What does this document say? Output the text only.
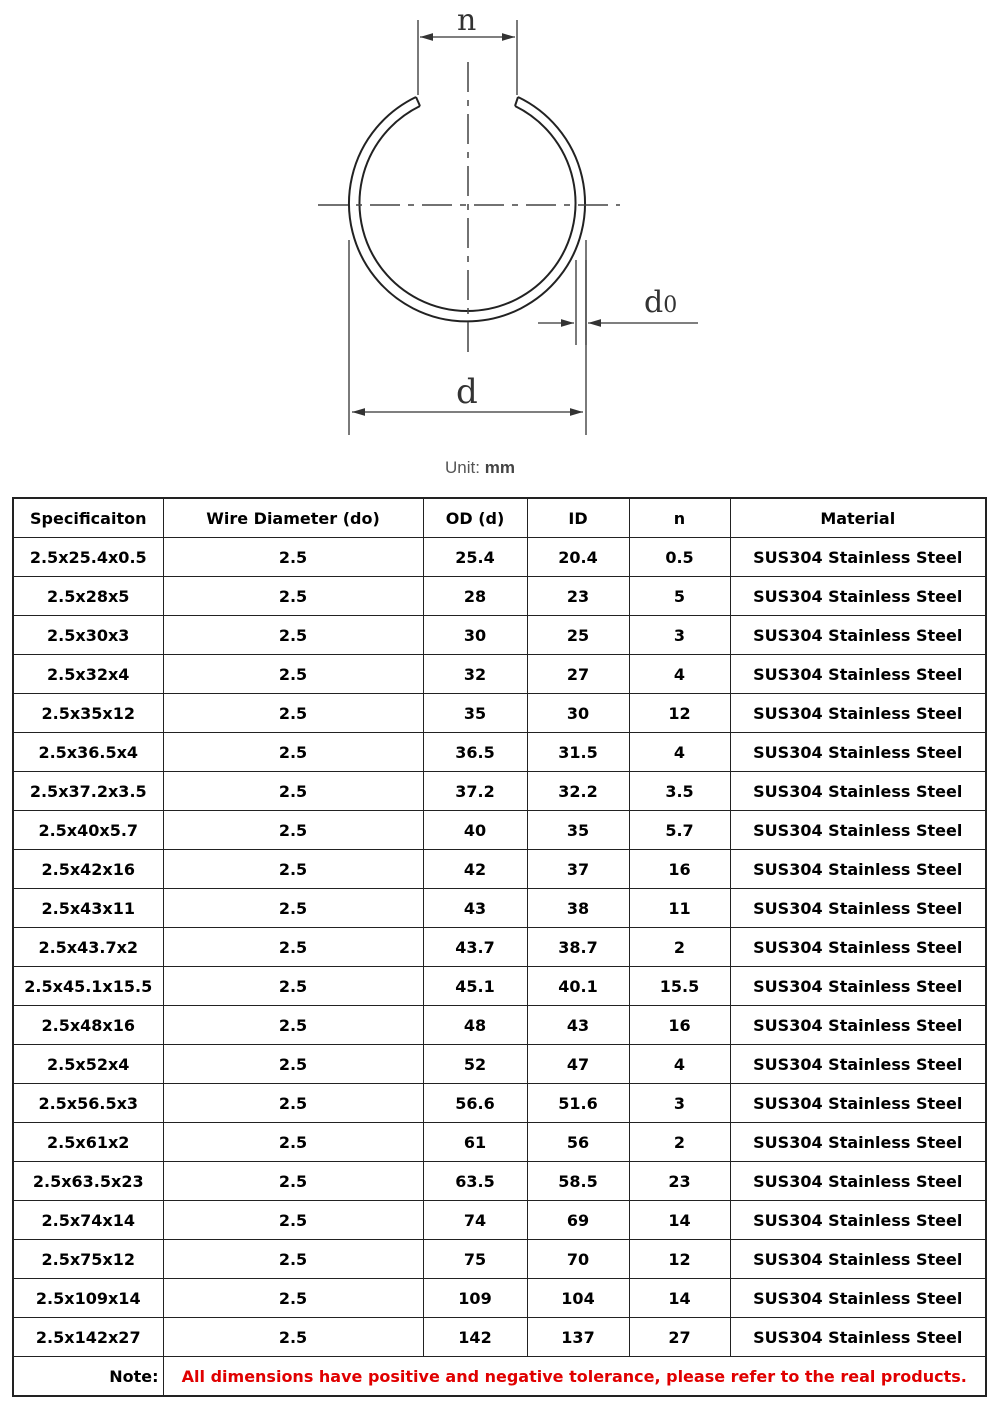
n
d
d0
Unit: mm
Specificaiton	Wire Diameter (do)	OD (d)	ID	n	Material
2.5x25.4x0.5	2.5	25.4	20.4	0.5	SUS304 Stainless Steel
2.5x28x5	2.5	28	23	5	SUS304 Stainless Steel
2.5x30x3	2.5	30	25	3	SUS304 Stainless Steel
2.5x32x4	2.5	32	27	4	SUS304 Stainless Steel
2.5x35x12	2.5	35	30	12	SUS304 Stainless Steel
2.5x36.5x4	2.5	36.5	31.5	4	SUS304 Stainless Steel
2.5x37.2x3.5	2.5	37.2	32.2	3.5	SUS304 Stainless Steel
2.5x40x5.7	2.5	40	35	5.7	SUS304 Stainless Steel
2.5x42x16	2.5	42	37	16	SUS304 Stainless Steel
2.5x43x11	2.5	43	38	11	SUS304 Stainless Steel
2.5x43.7x2	2.5	43.7	38.7	2	SUS304 Stainless Steel
2.5x45.1x15.5	2.5	45.1	40.1	15.5	SUS304 Stainless Steel
2.5x48x16	2.5	48	43	16	SUS304 Stainless Steel
2.5x52x4	2.5	52	47	4	SUS304 Stainless Steel
2.5x56.5x3	2.5	56.6	51.6	3	SUS304 Stainless Steel
2.5x61x2	2.5	61	56	2	SUS304 Stainless Steel
2.5x63.5x23	2.5	63.5	58.5	23	SUS304 Stainless Steel
2.5x74x14	2.5	74	69	14	SUS304 Stainless Steel
2.5x75x12	2.5	75	70	12	SUS304 Stainless Steel
2.5x109x14	2.5	109	104	14	SUS304 Stainless Steel
2.5x142x27	2.5	142	137	27	SUS304 Stainless Steel
Note:	All dimensions have positive and negative tolerance, please refer to the real products.				
